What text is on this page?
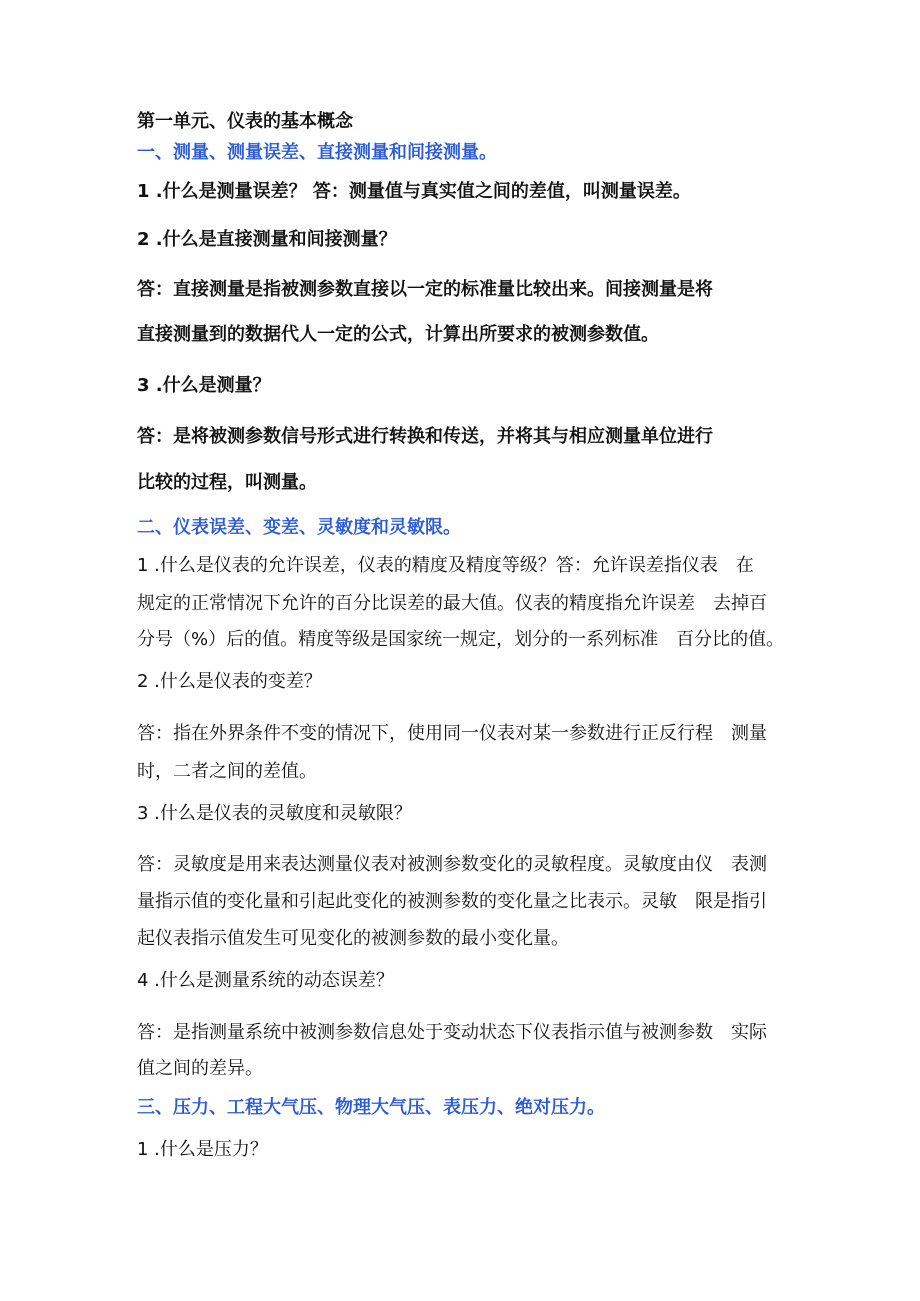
第一单元、仪表的基本概念

一、测量、测量误差、直接测量和间接测量。

1 .什么是测量误差？ 答：测量值与真实值之间的差值，叫测量误差。

2 .什么是直接测量和间接测量？

答：直接测量是指被测参数直接以一定的标准量比较出来。间接测量是将

直接测量到的数据代人一定的公式，计算出所要求的被测参数值。

3 .什么是测量？

答：是将被测参数信号形式进行转换和传送，并将其与相应测量单位进行

比较的过程，叫测量。

二、仪表误差、变差、灵敏度和灵敏限。

1 .什么是仪表的允许误差，仪表的精度及精度等级？答：允许误差指仪表　在

规定的正常情况下允许的百分比误差的最大值。仪表的精度指允许误差　去掉百

分号（%）后的值。精度等级是国家统一规定，划分的一系列标准　百分比的值。

2 .什么是仪表的变差？

答：指在外界条件不变的情况下，使用同一仪表对某一参数进行正反行程　测量

时，二者之间的差值。

3 .什么是仪表的灵敏度和灵敏限？

答：灵敏度是用来表达测量仪表对被测参数变化的灵敏程度。灵敏度由仪　表测

量指示值的变化量和引起此变化的被测参数的变化量之比表示。灵敏　限是指引

起仪表指示值发生可见变化的被测参数的最小变化量。

4 .什么是测量系统的动态误差？

答：是指测量系统中被测参数信息处于变动状态下仪表指示值与被测参数　实际

值之间的差异。

三、压力、工程大气压、物理大气压、表压力、绝对压力。

1 .什么是压力？
